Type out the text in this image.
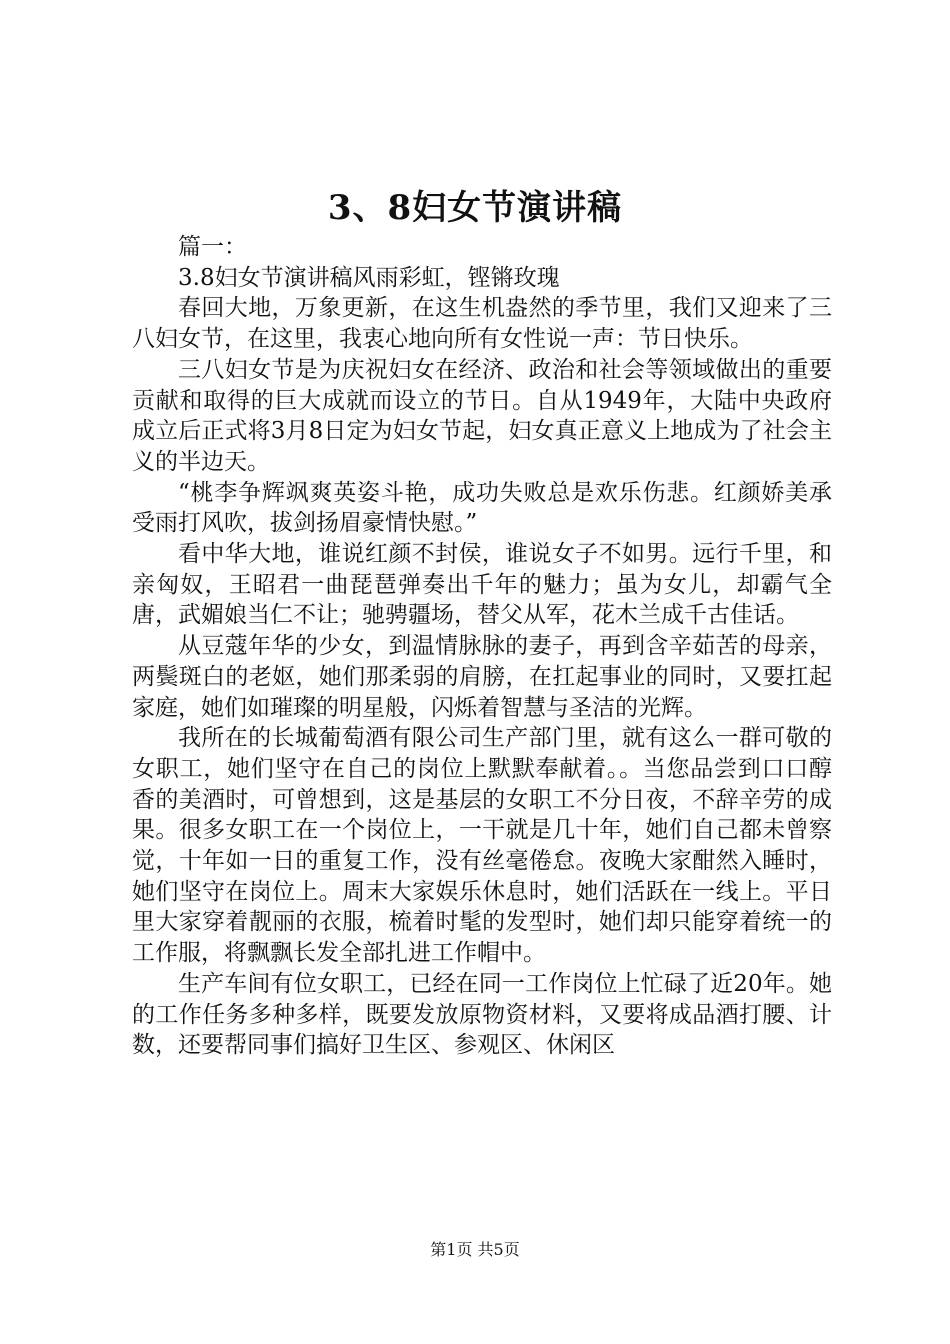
3、8妇女节演讲稿

篇一：

3.8妇女节演讲稿风雨彩虹，铿锵玫瑰

春回大地，万象更新，在这生机盎然的季节里，我们又迎来了三八妇女节，在这里，我衷心地向所有女性说一声：节日快乐。

三八妇女节是为庆祝妇女在经济、政治和社会等领域做出的重要贡献和取得的巨大成就而设立的节日。自从1949年，大陆中央政府成立后正式将3月8日定为妇女节起，妇女真正意义上地成为了社会主义的半边天。

“桃李争辉飒爽英姿斗艳，成功失败总是欢乐伤悲。红颜娇美承受雨打风吹，拔剑扬眉豪情快慰。”

看中华大地，谁说红颜不封侯，谁说女子不如男。远行千里，和亲匈奴，王昭君一曲琵琶弹奏出千年的魅力；虽为女儿，却霸气全唐，武媚娘当仁不让；驰骋疆场，替父从军，花木兰成千古佳话。

从豆蔻年华的少女，到温情脉脉的妻子，再到含辛茹苦的母亲，两鬓斑白的老妪，她们那柔弱的肩膀，在扛起事业的同时，又要扛起家庭，她们如璀璨的明星般，闪烁着智慧与圣洁的光辉。

我所在的长城葡萄酒有限公司生产部门里，就有这么一群可敬的女职工，她们坚守在自己的岗位上默默奉献着。。当您品尝到口口醇香的美酒时，可曾想到，这是基层的女职工不分日夜，不辞辛劳的成果。很多女职工在一个岗位上，一干就是几十年，她们自己都未曾察觉，十年如一日的重复工作，没有丝毫倦怠。夜晚大家酣然入睡时，她们坚守在岗位上。周末大家娱乐休息时，她们活跃在一线上。平日里大家穿着靓丽的衣服，梳着时髦的发型时，她们却只能穿着统一的工作服，将飘飘长发全部扎进工作帽中。

生产车间有位女职工，已经在同一工作岗位上忙碌了近20年。她的工作任务多种多样，既要发放原物资材料，又要将成品酒打腰、计数，还要帮同事们搞好卫生区、参观区、休闲区

第1页 共5页
